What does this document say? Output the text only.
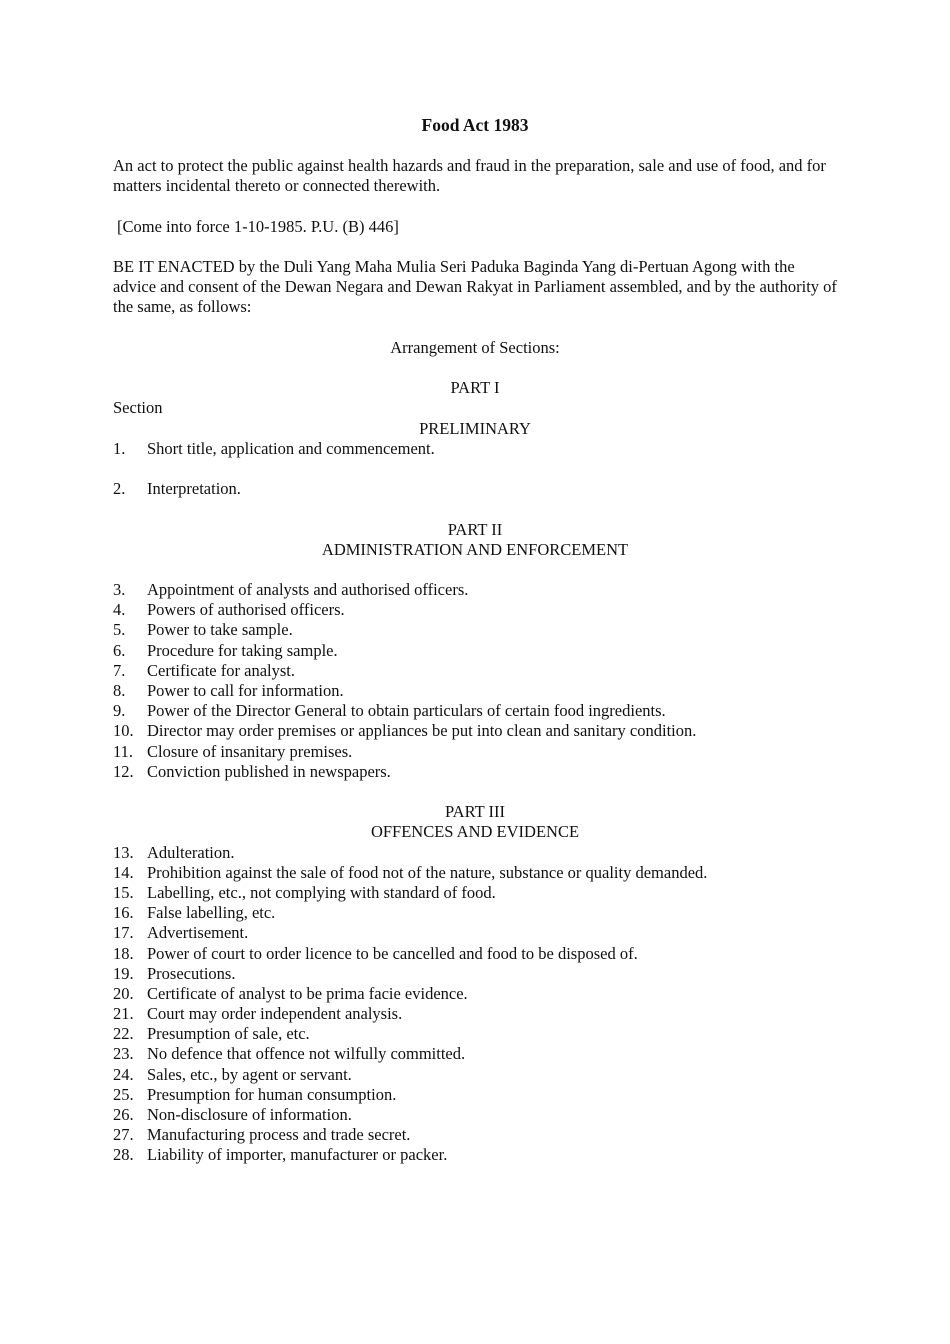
Food Act 1983
An act to protect the public against health hazards and fraud in the preparation, sale and use of food, and for matters incidental thereto or connected therewith.
[Come into force 1-10-1985. P.U. (B) 446]
BE IT ENACTED by the Duli Yang Maha Mulia Seri Paduka Baginda Yang di-Pertuan Agong with the advice and consent of the Dewan Negara and Dewan Rakyat in Parliament assembled, and by the authority of the same, as follows:
Arrangement of Sections:
PART I
Section
PRELIMINARY
1.	Short title, application and commencement.
2.	Interpretation.
PART II
ADMINISTRATION AND ENFORCEMENT
3.	Appointment of analysts and authorised officers.
4.	Powers of authorised officers.
5.	Power to take sample.
6.	Procedure for taking sample.
7.	Certificate for analyst.
8.	Power to call for information.
9.	Power of the Director General to obtain particulars of certain food ingredients.
10. Director may order premises or appliances be put into clean and sanitary condition.
11. Closure of insanitary premises.
12. Conviction published in newspapers.
PART III
OFFENCES AND EVIDENCE
13. Adulteration.
14. Prohibition against the sale of food not of the nature, substance or quality demanded.
15. Labelling, etc., not complying with standard of food.
16. False labelling, etc.
17. Advertisement.
18. Power of court to order licence to be cancelled and food to be disposed of.
19. Prosecutions.
20. Certificate of analyst to be prima facie evidence.
21. Court may order independent analysis.
22. Presumption of sale, etc.
23. No defence that offence not wilfully committed.
24. Sales, etc., by agent or servant.
25. Presumption for human consumption.
26. Non-disclosure of information.
27. Manufacturing process and trade secret.
28. Liability of importer, manufacturer or packer.
